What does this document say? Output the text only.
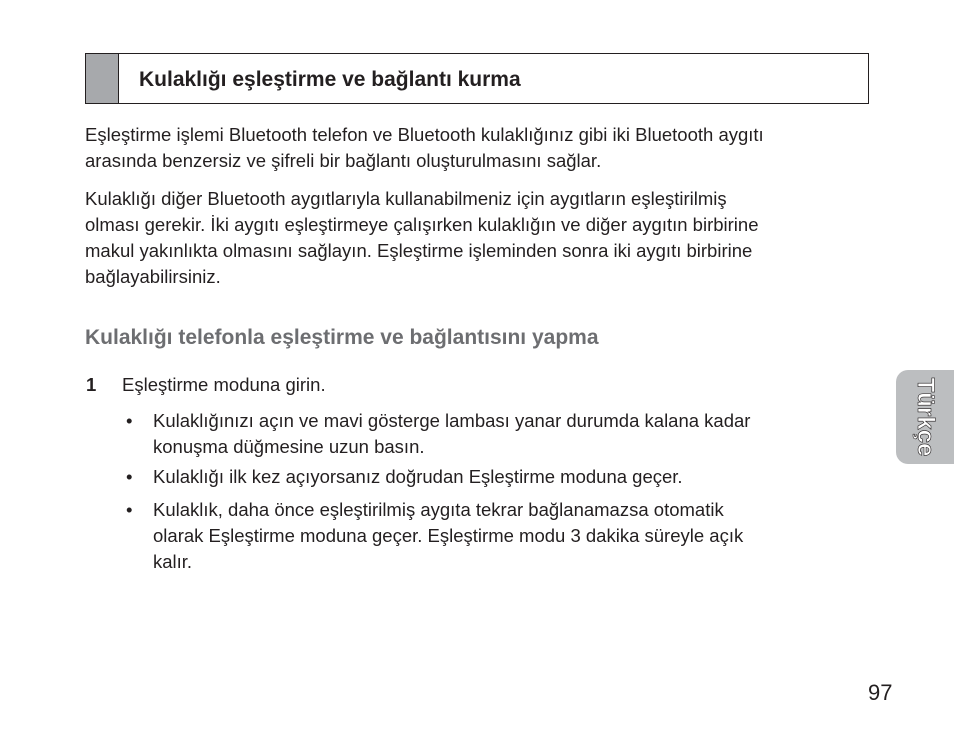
Kulaklığı eşleştirme ve bağlantı kurma

Eşleştirme işlemi Bluetooth telefon ve Bluetooth kulaklığınız gibi iki Bluetooth aygıtı
arasında benzersiz ve şifreli bir bağlantı oluşturulmasını sağlar.

Kulaklığı diğer Bluetooth aygıtlarıyla kullanabilmeniz için aygıtların eşleştirilmiş
olması gerekir. İki aygıtı eşleştirmeye çalışırken kulaklığın ve diğer aygıtın birbirine
makul yakınlıkta olmasını sağlayın. Eşleştirme işleminden sonra iki aygıtı birbirine
bağlayabilirsiniz.

Kulaklığı telefonla eşleştirme ve bağlantısını yapma
1 Eşleştirme moduna girin.
• Kulaklığınızı açın ve mavi gösterge lambası yanar durumda kalana kadar
konuşma düğmesine uzun basın.

• Kulaklığı ilk kez açıyorsanız doğrudan Eşleştirme moduna geçer.

• Kulaklık, daha önce eşleştirilmiş aygıta tekrar bağlanamazsa otomatik
olarak Eşleştirme moduna geçer. Eşleştirme modu 3 dakika süreyle açık
kalır.

Türkçe
97
